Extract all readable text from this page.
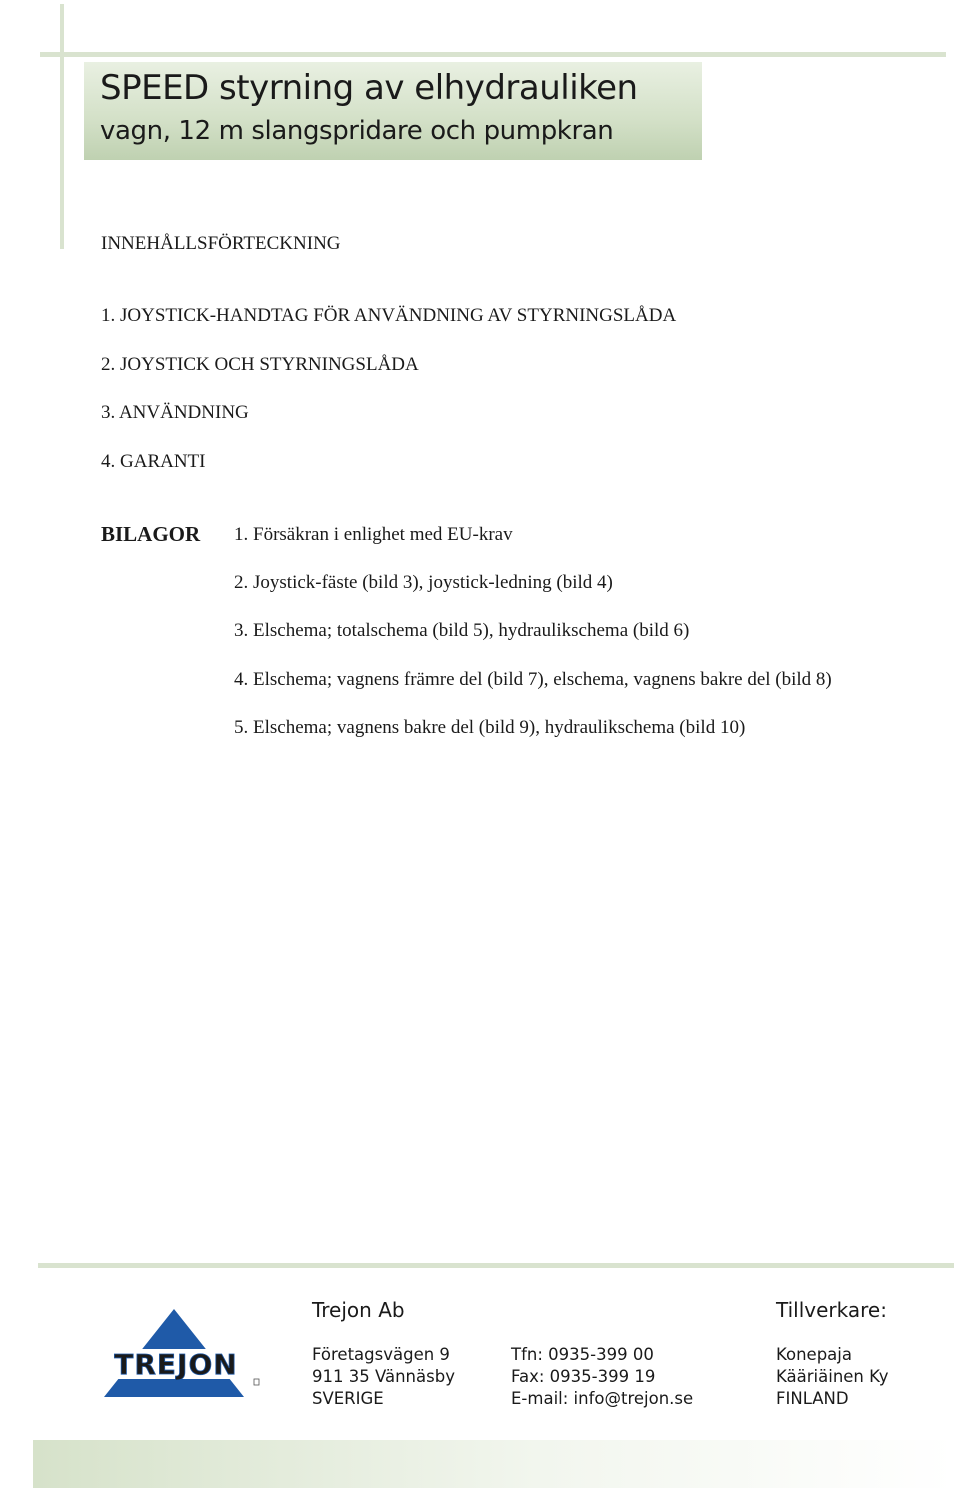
SPEED styrning av elhydrauliken
vagn, 12 m slangspridare och pumpkran
INNEHÅLLSFÖRTECKNING
1. JOYSTICK-HANDTAG FÖR ANVÄNDNING AV STYRNINGSLÅDA
2. JOYSTICK OCH STYRNINGSLÅDA
3. ANVÄNDNING
4. GARANTI
BILAGOR 1. Försäkran i enlighet med EU-krav
2. Joystick-fäste (bild 3), joystick-ledning (bild 4)
3. Elschema; totalschema (bild 5), hydraulikschema (bild 6)
4. Elschema; vagnens främre del (bild 7), elschema, vagnens bakre del (bild 8)
5. Elschema; vagnens bakre del (bild 9), hydraulikschema (bild 10)
TREJON
Trejon Ab	Tillverkare:
Företagsvägen 9
911 35 Vännäsby
SVERIGE
Tfn: 0935-399 00
Fax: 0935-399 19
E-mail: info@trejon.se
Konepaja
Kääriäinen Ky
FINLAND
